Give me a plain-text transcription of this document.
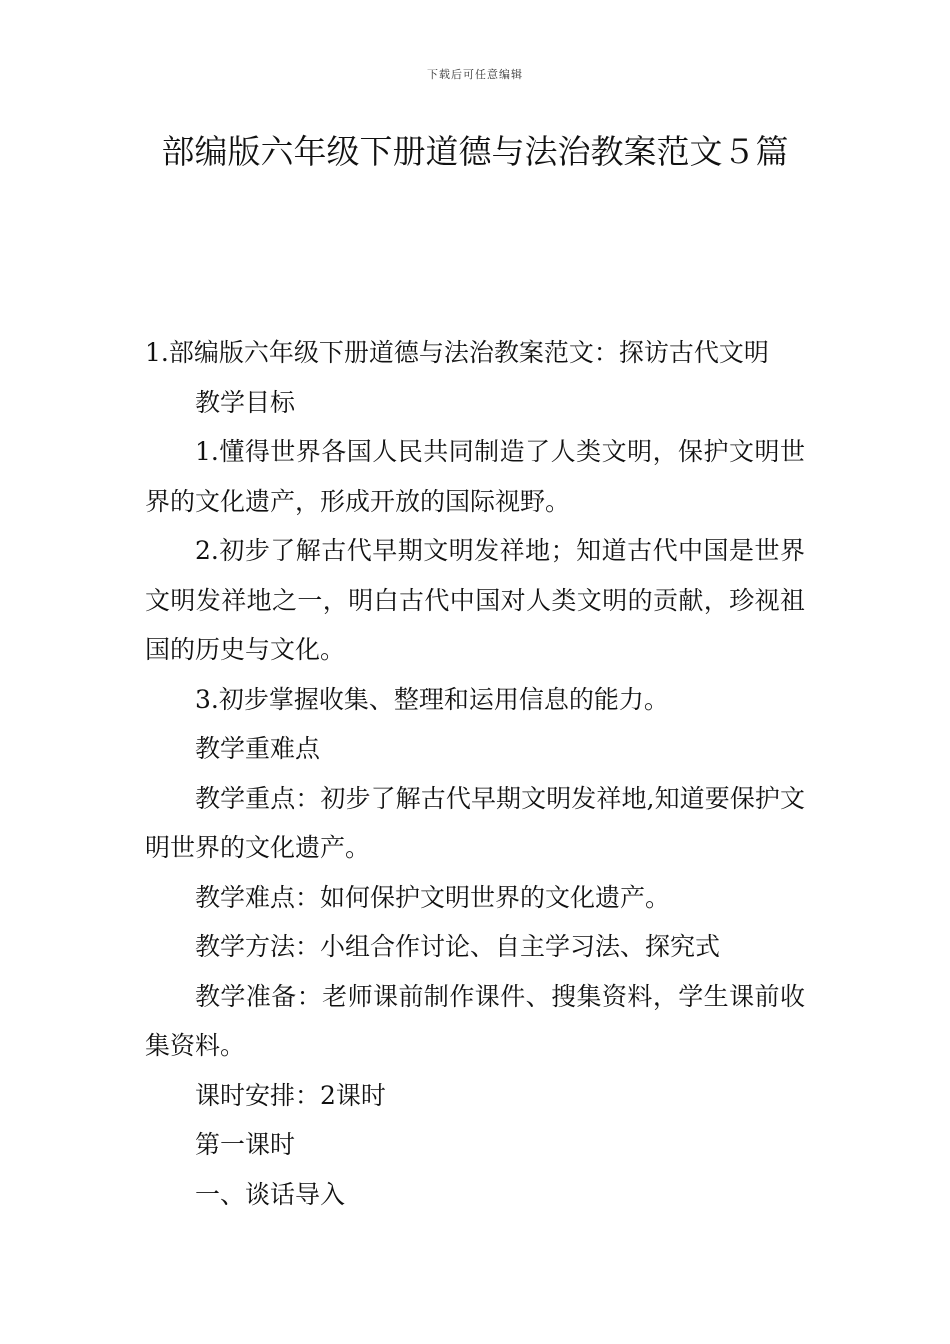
下载后可任意编辑
部编版六年级下册道德与法治教案范文５篇

1.部编版六年级下册道德与法治教案范文：探访古代文明

教学目标

1.懂得世界各国人民共同制造了人类文明，保护文明世界的文化遗产，形成开放的国际视野。

2.初步了解古代早期文明发祥地；知道古代中国是世界文明发祥地之一，明白古代中国对人类文明的贡献，珍视祖国的历史与文化。

3.初步掌握收集、整理和运用信息的能力。

教学重难点

教学重点：初步了解古代早期文明发祥地,知道要保护文明世界的文化遗产。

教学难点：如何保护文明世界的文化遗产。

教学方法：小组合作讨论、自主学习法、探究式

教学准备：老师课前制作课件、搜集资料，学生课前收集资料。

课时安排：2课时

第一课时

一、谈话导入
